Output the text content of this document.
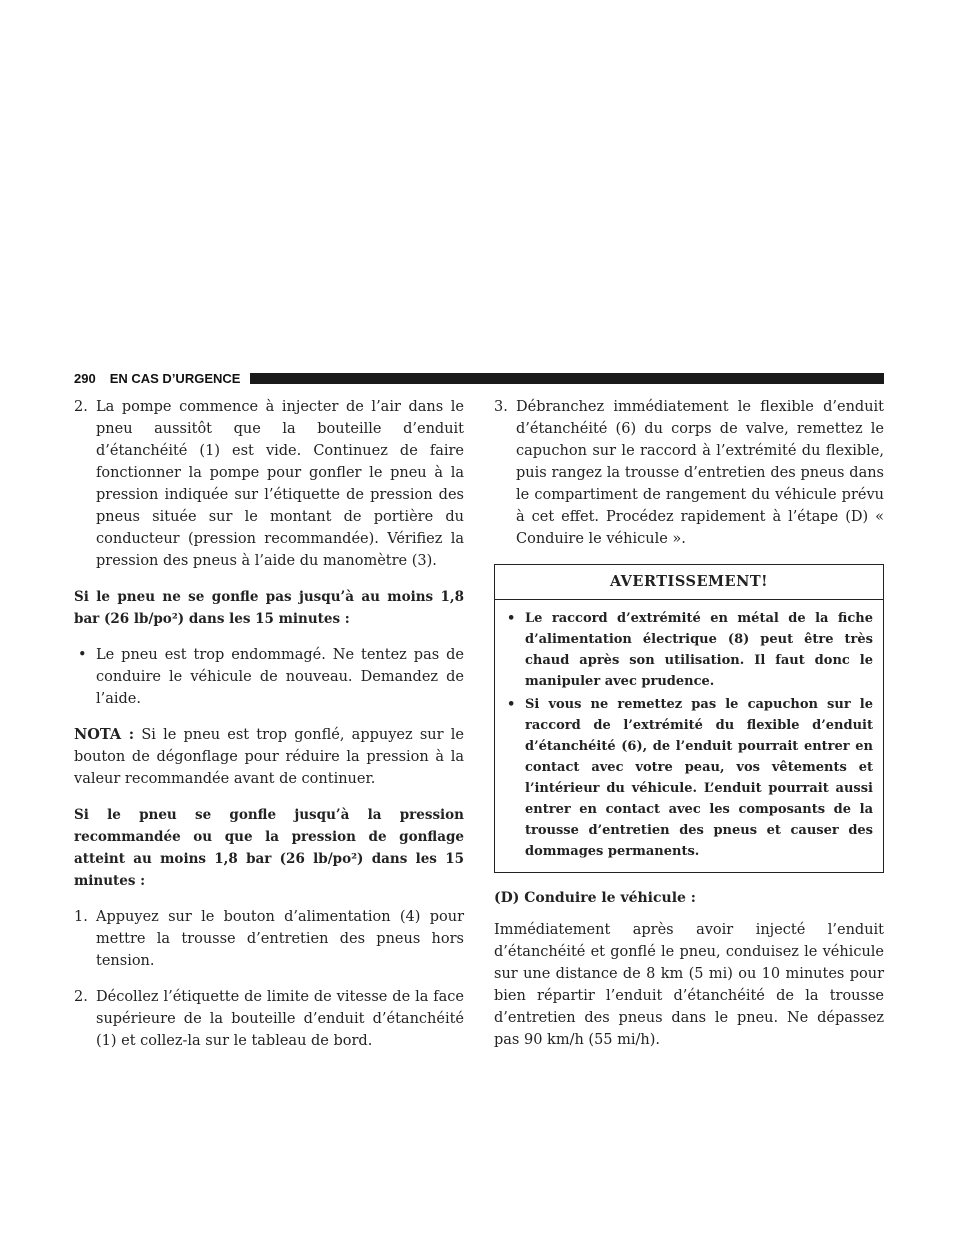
290 EN CAS D’URGENCE

2. La pompe commence à injecter de l’air dans le pneu aussitôt que la bouteille d’enduit d’étanchéité (1) est vide. Continuez de faire fonctionner la pompe pour gonfler le pneu à la pression indiquée sur l’étiquette de pression des pneus située sur le montant de portière du conducteur (pression recommandée). Vérifiez la pression des pneus à l’aide du manomètre (3).

Si le pneu ne se gonfle pas jusqu’à au moins 1,8 bar (26 lb/po²) dans les 15 minutes :

• Le pneu est trop endommagé. Ne tentez pas de conduire le véhicule de nouveau. Demandez de l’aide.

NOTA : Si le pneu est trop gonflé, appuyez sur le bouton de dégonflage pour réduire la pression à la valeur recommandée avant de continuer.

Si le pneu se gonfle jusqu’à la pression recommandée ou que la pression de gonflage atteint au moins 1,8 bar (26 lb/po²) dans les 15 minutes :

1. Appuyez sur le bouton d’alimentation (4) pour mettre la trousse d’entretien des pneus hors tension.

2. Décollez l’étiquette de limite de vitesse de la face supérieure de la bouteille d’enduit d’étanchéité (1) et collez-la sur le tableau de bord.

3. Débranchez immédiatement le flexible d’enduit d’étanchéité (6) du corps de valve, remettez le capuchon sur le raccord à l’extrémité du flexible, puis rangez la trousse d’entretien des pneus dans le compartiment de rangement du véhicule prévu à cet effet. Procédez rapidement à l’étape (D) « Conduire le véhicule ».

AVERTISSEMENT!

• Le raccord d’extrémité en métal de la fiche d’alimentation électrique (8) peut être très chaud après son utilisation. Il faut donc le manipuler avec prudence.

• Si vous ne remettez pas le capuchon sur le raccord de l’extrémité du flexible d’enduit d’étanchéité (6), de l’enduit pourrait entrer en contact avec votre peau, vos vêtements et l’intérieur du véhicule. L’enduit pourrait aussi entrer en contact avec les composants de la trousse d’entretien des pneus et causer des dommages permanents.

(D) Conduire le véhicule :

Immédiatement après avoir injecté l’enduit d’étanchéité et gonflé le pneu, conduisez le véhicule sur une distance de 8 km (5 mi) ou 10 minutes pour bien répartir l’enduit d’étanchéité de la trousse d’entretien des pneus dans le pneu. Ne dépassez pas 90 km/h (55 mi/h).
